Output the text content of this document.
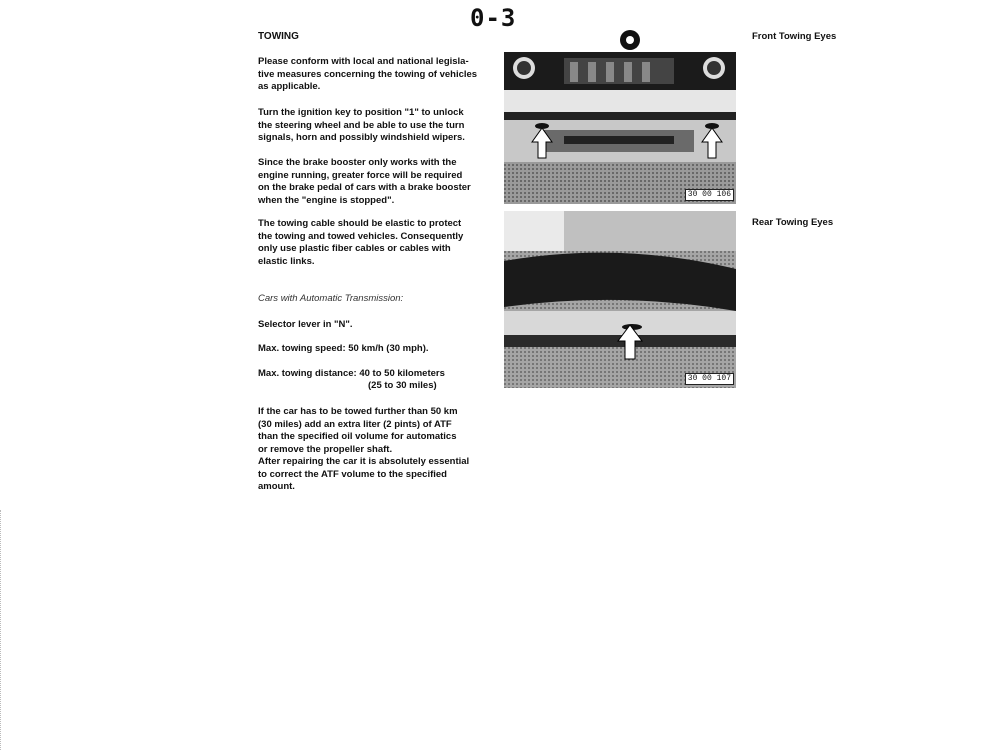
0-3
TOWING
Please conform with local and national legisla-
tive measures concerning the towing of vehicles
as applicable.
Turn the ignition key to position "1" to unlock
the steering wheel and be able to use the turn
signals, horn and possibly windshield wipers.
Since the brake booster only works with the
engine running, greater force will be required
on the brake pedal of cars with a brake booster
when the "engine is stopped".
The towing cable should be elastic to protect
the towing and towed vehicles. Consequently
only use plastic fiber cables or cables with
elastic links.
Cars with Automatic Transmission:
Selector lever in "N".
Max. towing speed: 50 km/h (30 mph).
Max. towing distance: 40 to 50 kilometers
(25 to 30 miles)
If the car has to be towed further than 50 km
(30 miles) add an extra liter (2 pints) of ATF
than the specified oil volume for automatics
or remove the propeller shaft.
After repairing the car it is absolutely essential
to correct the ATF volume to the specified
amount.
Front Towing Eyes
Rear Towing Eyes
30 00 106
30 00 107
